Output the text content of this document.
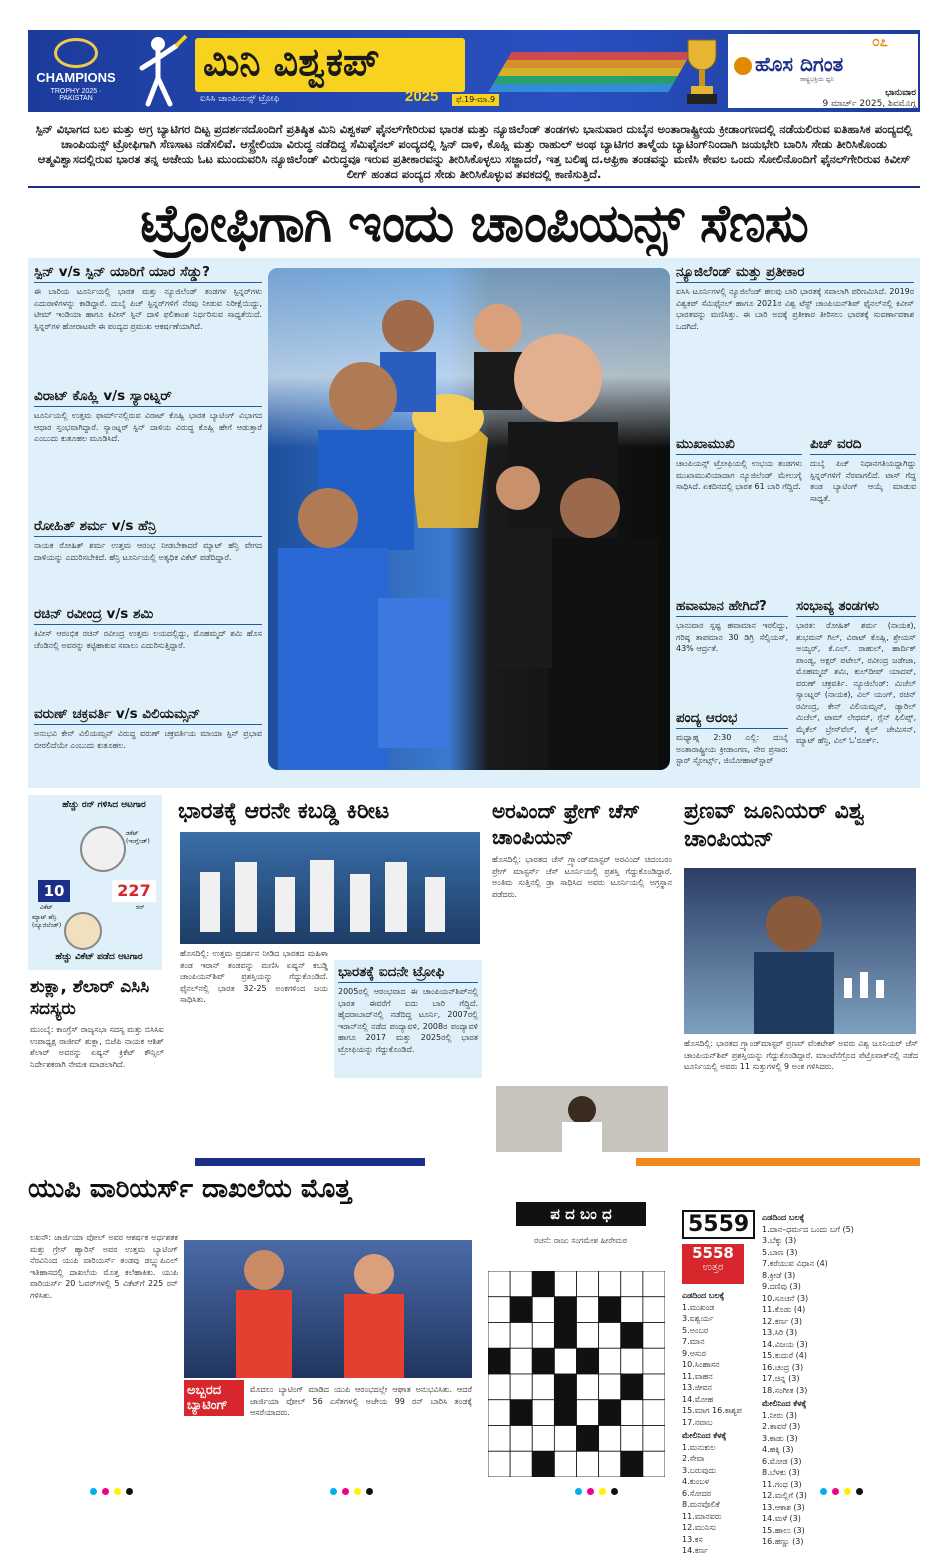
CHAMPIONS
TROPHY 2025 · PAKISTAN
ಮಿನಿ ವಿಶ್ವಕಪ್
ಐಸಿಸಿ ಚಾಂಪಿಯನ್ಸ್‌ ಟ್ರೋಫಿ	2025	ಫೆ.19-ಮಾ.9
೦೭
ಹೊಸ ದಿಗಂತ
ರಾಷ್ಟ್ರಭಕ್ತಿಯ ಧ್ವನಿ
ಭಾನುವಾರ
9 ಮಾರ್ಚ್‌ 2025, ಶಿವಮೊಗ್ಗ
ಸ್ಪಿನ್ ವಿಭಾಗದ ಬಲ ಮತ್ತು ಅಗ್ರ ಬ್ಯಾಟಿಗರ ದಿಟ್ಟ ಪ್ರದರ್ಶನದೊಂದಿಗೆ ಪ್ರತಿಷ್ಠಿತ ಮಿನಿ ವಿಶ್ವಕಪ್ ಫೈನಲ್‌ಗೇರಿರುವ ಭಾರತ ಮತ್ತು ನ್ಯೂಜಿಲೆಂಡ್ ತಂಡಗಳು ಭಾನುವಾರ ದುಬೈನ ಅಂತಾರಾಷ್ಟ್ರೀಯ ಕ್ರೀಡಾಂಗಣದಲ್ಲಿ ನಡೆಯಲಿರುವ ಐತಿಹಾಸಿಕ ಪಂದ್ಯದಲ್ಲಿ ಚಾಂಪಿಯನ್ಸ್ ಟ್ರೋಫಿಗಾಗಿ ಸೆಣಸಾಟ ನಡೆಸಲಿವೆ. ಆಸ್ಟ್ರೇಲಿಯಾ ವಿರುದ್ಧ ನಡೆದಿದ್ದ ಸೆಮಿಫೈನಲ್ ಪಂದ್ಯದಲ್ಲಿ ಸ್ಪಿನ್ ದಾಳಿ, ಕೊಹ್ಲಿ ಮತ್ತು ರಾಹುಲ್ ಅಂಥ ಬ್ಯಾಟಿಗರ ತಾಳ್ಮೆಯ ಬ್ಯಾಟಿಂಗ್‌ನಿಂದಾಗಿ ಜಯಭೇರಿ ಬಾರಿಸಿ ಸೇಡು ತೀರಿಸಿಕೊಂಡು ಆತ್ಮವಿಶ್ವಾಸದಲ್ಲಿರುವ ಭಾರತ ತನ್ನ ಅಜೇಯ ಓಟ ಮುಂದುವರಿಸಿ ನ್ಯೂಜಿಲೆಂಡ್ ವಿರುದ್ಧವೂ ಇರುವ ಪ್ರತೀಕಾರವನ್ನು ತೀರಿಸಿಕೊಳ್ಳಲು ಸಜ್ಜಾದರೆ, ಇತ್ತ ಬಲಿಷ್ಠ ದ.ಆಫ್ರಿಕಾ ತಂಡವನ್ನು ಮಣಿಸಿ ಕೇವಲ ಒಂದು ಸೋಲಿನೊಂದಿಗೆ ಫೈನಲ್‌ಗೇರಿರುವ ಕಿವೀಸ್ ಲೀಗ್ ಹಂತದ ಪಂದ್ಯದ ಸೇಡು ತೀರಿಸಿಕೊಳ್ಳುವ ತವಕದಲ್ಲಿ ಕಾಣಿಸುತ್ತಿದೆ.
ಟ್ರೋಫಿಗಾಗಿ ಇಂದು ಚಾಂಪಿಯನ್ಸ್ ಸೆಣಸು
ಸ್ಪಿನ್ v/s ಸ್ಪಿನ್ ಯಾರಿಗೆ ಯಾರ ಸೆಡ್ಡು?
ಈ ಬಾರಿಯ ಟೂರ್ನಿಯಲ್ಲಿ ಭಾರತ ಮತ್ತು ನ್ಯೂಜಿಲೆಂಡ್ ತಂಡಗಳ ಸ್ಪಿನ್ನರ್‌ಗಳು ಎದುರಾಳಿಗಳನ್ನು ಕಾಡಿದ್ದಾರೆ. ದುಬೈ ಪಿಚ್ ಸ್ಪಿನ್ನರ್‌ಗಳಿಗೆ ನೆರವು ನೀಡುವ ನಿರೀಕ್ಷೆಯಿದ್ದು, ಟೀಮ್ ಇಂಡಿಯಾ ಹಾಗೂ ಕಿವೀಸ್ ಸ್ಪಿನ್ ದಾಳಿ ಫಲಿತಾಂಶ ನಿರ್ಧರಿಸುವ ಸಾಧ್ಯತೆಯಿದೆ. ಸ್ಪಿನ್ನರ್‌ಗಳ ಹೋರಾಟವೇ ಈ ಪಂದ್ಯದ ಪ್ರಮುಖ ಆಕರ್ಷಣೆಯಾಗಿದೆ.
ವಿರಾಟ್ ಕೊಹ್ಲಿ v/s ಸ್ಯಾಂಟ್ನರ್
ಟೂರ್ನಿಯಲ್ಲಿ ಉತ್ತಮ ಫಾರ್ಮ್‌ನಲ್ಲಿರುವ ವಿರಾಟ್ ಕೊಹ್ಲಿ ಭಾರತ ಬ್ಯಾಟಿಂಗ್ ವಿಭಾಗದ ಆಧಾರ ಸ್ತಂಭವಾಗಿದ್ದಾರೆ. ಸ್ಯಾಂಟ್ನರ್ ಸ್ಪಿನ್ ದಾಳಿಯ ವಿರುದ್ಧ ಕೊಹ್ಲಿ ಹೇಗೆ ಆಡುತ್ತಾರೆ ಎಂಬುದು ಕುತೂಹಲ ಮೂಡಿಸಿದೆ.
ರೋಹಿತ್ ಶರ್ಮ v/s ಹೆನ್ರಿ
ನಾಯಕ ರೋಹಿತ್ ಶರ್ಮ ಉತ್ತಮ ಆರಂಭ ನೀಡಬೇಕಾದರೆ ಮ್ಯಾಟ್ ಹೆನ್ರಿ ವೇಗದ ದಾಳಿಯನ್ನು ಎದುರಿಸಬೇಕಿದೆ. ಹೆನ್ರಿ ಟೂರ್ನಿಯಲ್ಲಿ ಅತ್ಯಧಿಕ ವಿಕೆಟ್ ಪಡೆದಿದ್ದಾರೆ.
ರಚಿನ್ ರವೀಂದ್ರ v/s ಶಮಿ
ಕಿವೀಸ್ ಆರಂಭಿಕ ರಚಿನ್ ರವೀಂದ್ರ ಉತ್ತಮ ಲಯದಲ್ಲಿದ್ದು, ಮೊಹಮ್ಮದ್ ಶಮಿ ಹೊಸ ಚೆಂಡಿನಲ್ಲಿ ಅವರನ್ನು ಕಟ್ಟಿಹಾಕುವ ಸವಾಲು ಎದುರಿಸುತ್ತಿದ್ದಾರೆ.
ವರುಣ್ ಚಕ್ರವರ್ತಿ v/s ವಿಲಿಯಮ್ಸನ್
ಅನುಭವಿ ಕೇನ್ ವಿಲಿಯಮ್ಸನ್ ವಿರುದ್ಧ ವರುಣ್ ಚಕ್ರವರ್ತಿಯ ಮಾಯಾ ಸ್ಪಿನ್ ಪ್ರಭಾವ ಬೀರಲಿದೆಯೇ ಎಂಬುದು ಕುತೂಹಲ.
ನ್ಯೂಜಿಲೆಂಡ್ ಮತ್ತು ಪ್ರತೀಕಾರ
ಐಸಿಸಿ ಟೂರ್ನಿಗಳಲ್ಲಿ ನ್ಯೂಜಿಲೆಂಡ್ ಹಲವು ಬಾರಿ ಭಾರತಕ್ಕೆ ಸವಾಲಾಗಿ ಪರಿಣಮಿಸಿದೆ. 2019ರ ವಿಶ್ವಕಪ್ ಸೆಮಿಫೈನಲ್ ಹಾಗೂ 2021ರ ವಿಶ್ವ ಟೆಸ್ಟ್ ಚಾಂಪಿಯನ್‌ಶಿಪ್ ಫೈನಲ್‌ನಲ್ಲಿ ಕಿವೀಸ್ ಭಾರತವನ್ನು ಮಣಿಸಿತ್ತು. ಈ ಬಾರಿ ಅದಕ್ಕೆ ಪ್ರತೀಕಾರ ತೀರಿಸಲು ಭಾರತಕ್ಕೆ ಸುವರ್ಣಾವಕಾಶ ಒದಗಿದೆ.
ಮುಖಾಮುಖಿ
ಚಾಂಪಿಯನ್ಸ್ ಟ್ರೋಫಿಯಲ್ಲಿ ಉಭಯ ತಂಡಗಳು ಮುಖಾಮುಖಿಯಾದಾಗ ನ್ಯೂಜಿಲೆಂಡ್ ಮೇಲುಗೈ ಸಾಧಿಸಿದೆ. ಏಕದಿನದಲ್ಲಿ ಭಾರತ 61 ಬಾರಿ ಗೆದ್ದಿದೆ.
ಪಿಚ್ ವರದಿ
ದುಬೈ ಪಿಚ್ ನಿಧಾನಗತಿಯದ್ದಾಗಿದ್ದು ಸ್ಪಿನ್ನರ್‌ಗಳಿಗೆ ನೆರವಾಗಲಿದೆ. ಟಾಸ್ ಗೆದ್ದ ತಂಡ ಬ್ಯಾಟಿಂಗ್ ಆಯ್ಕೆ ಮಾಡುವ ಸಾಧ್ಯತೆ.
ಹವಾಮಾನ ಹೇಗಿದೆ?
ಭಾನುವಾರ ಸ್ಪಷ್ಟ ಹವಾಮಾನ ಇರಲಿದ್ದು, ಗರಿಷ್ಠ ತಾಪಮಾನ 30 ಡಿಗ್ರಿ ಸೆಲ್ಸಿಯಸ್, 43% ಆರ್ದ್ರತೆ.
ಪಂದ್ಯ ಆರಂಭ
ಮಧ್ಯಾಹ್ನ 2:30 ಎಲ್ಲಿ: ದುಬೈ ಅಂತಾರಾಷ್ಟ್ರೀಯ ಕ್ರೀಡಾಂಗಣ, ನೇರ ಪ್ರಸಾರ: ಸ್ಟಾರ್ ಸ್ಪೋರ್ಟ್ಸ್, ಜಿಯೋಹಾಟ್‌ಸ್ಟಾರ್
ಸಂಭಾವ್ಯ ತಂಡಗಳು
ಭಾರತ: ರೋಹಿತ್ ಶರ್ಮ (ನಾಯಕ), ಶುಭಮನ್ ಗಿಲ್, ವಿರಾಟ್ ಕೊಹ್ಲಿ, ಶ್ರೇಯಸ್ ಅಯ್ಯರ್, ಕೆ.ಎಲ್. ರಾಹುಲ್, ಹಾರ್ದಿಕ್ ಪಾಂಡ್ಯ, ಅಕ್ಷರ್ ಪಟೇಲ್, ರವೀಂದ್ರ ಜಡೇಜಾ, ಮೊಹಮ್ಮದ್ ಶಮಿ, ಕುಲ್‌ದೀಪ್ ಯಾದವ್, ವರುಣ್ ಚಕ್ರವರ್ತಿ. ನ್ಯೂಜಿಲೆಂಡ್: ಮಿಚೆಲ್ ಸ್ಯಾಂಟ್ನರ್ (ನಾಯಕ), ವಿಲ್ ಯಂಗ್, ರಚಿನ್ ರವೀಂದ್ರ, ಕೇನ್ ವಿಲಿಯಮ್ಸನ್, ಡ್ಯಾರಿಲ್ ಮಿಚೆಲ್, ಟಾಮ್ ಲೇಥಮ್, ಗ್ಲೆನ್ ಫಿಲಿಪ್ಸ್, ಮೈಕೆಲ್ ಬ್ರೇಸ್‌ವೆಲ್, ಕೈಲ್ ಜೇಮಿಸನ್, ಮ್ಯಾಟ್ ಹೆನ್ರಿ, ವಿಲ್ ಓ'ರೂರ್ಕ್.
ಹೆಚ್ಚು ರನ್ ಗಳಿಸಿದ ಆಟಗಾರ
ಡಕೆಟ್ (ಇಂಗ್ಲೆಂಡ್)
10	227
ವಿಕೆಟ್	ರನ್
ಮ್ಯಾಟ್ ಹೆನ್ರಿ (ನ್ಯೂಜಿಲೆಂಡ್)
ಹೆಚ್ಚು ವಿಕೆಟ್ ಪಡೆದ ಆಟಗಾರ
ಶುಕ್ಲಾ, ಶೆಲಾರ್ ಎಸಿಸಿ ಸದಸ್ಯರು
ಮುಂಬೈ: ಕಾಂಗ್ರೆಸ್ ರಾಜ್ಯಸಭಾ ಸದಸ್ಯ ಮತ್ತು ಬಿಸಿಸಿಐ ಉಪಾಧ್ಯಕ್ಷ ರಾಜೀವ್ ಶುಕ್ಲಾ, ಬಿಜೆಪಿ ನಾಯಕ ಆಶಿಶ್ ಶೆಲಾರ್ ಅವರನ್ನು ಏಷ್ಯನ್ ಕ್ರಿಕೆಟ್ ಕೌನ್ಸಿಲ್ ನಿರ್ದೇಶಕರಾಗಿ ನೇಮಕ ಮಾಡಲಾಗಿದೆ.
ಭಾರತಕ್ಕೆ ಆರನೇ ಕಬಡ್ಡಿ ಕಿರೀಟ
ಹೊಸದಿಲ್ಲಿ: ಉತ್ತಮ ಪ್ರದರ್ಶನ ನೀಡಿದ ಭಾರತದ ಮಹಿಳಾ ತಂಡ ಇರಾನ್ ತಂಡವನ್ನು ಮಣಿಸಿ ಏಷ್ಯನ್ ಕಬಡ್ಡಿ ಚಾಂಪಿಯನ್‌ಶಿಪ್ ಪ್ರಶಸ್ತಿಯನ್ನು ಗೆದ್ದುಕೊಂಡಿದೆ. ಫೈನಲ್‌ನಲ್ಲಿ ಭಾರತ 32-25 ಅಂಕಗಳಿಂದ ಜಯ ಸಾಧಿಸಿತು.
ಭಾರತಕ್ಕೆ ಐದನೇ ಟ್ರೋಫಿ
2005ರಲ್ಲಿ ಆರಂಭವಾದ ಈ ಚಾಂಪಿಯನ್‌ಶಿಪ್‌ನಲ್ಲಿ ಭಾರತ ಈವರೆಗೆ ಐದು ಬಾರಿ ಗೆದ್ದಿದೆ. ಹೈದರಾಬಾದ್‌ನಲ್ಲಿ ನಡೆದಿದ್ದ ಟೂರ್ನಿ, 2007ರಲ್ಲಿ ಇರಾನ್‌ನಲ್ಲಿ ನಡೆದ ಪಂದ್ಯಾವಳಿ, 2008ರ ಪಂದ್ಯಾವಳಿ ಹಾಗೂ 2017 ಮತ್ತು 2025ರಲ್ಲಿ ಭಾರತ ಟ್ರೋಫಿಯನ್ನು ಗೆದ್ದುಕೊಂಡಿದೆ.
ಅರವಿಂದ್ ಫ್ರೇಗ್ ಚೆಸ್ ಚಾಂಪಿಯನ್
ಹೊಸದಿಲ್ಲಿ: ಭಾರತದ ಚೆಸ್ ಗ್ರ್ಯಾಂಡ್‌ಮಾಸ್ಟರ್ ಅರವಿಂದ್ ಚಿದಂಬರಂ ಪ್ರೇಗ್ ಮಾಸ್ಟರ್ಸ್ ಚೆಸ್ ಟೂರ್ನಿಯಲ್ಲಿ ಪ್ರಶಸ್ತಿ ಗೆದ್ದುಕೊಂಡಿದ್ದಾರೆ. ಅಂತಿಮ ಸುತ್ತಿನಲ್ಲಿ ಡ್ರಾ ಸಾಧಿಸಿದ ಅವರು ಟೂರ್ನಿಯಲ್ಲಿ ಅಗ್ರಸ್ಥಾನ ಪಡೆದರು.
ಪ್ರಣವ್ ಜೂನಿಯರ್ ವಿಶ್ವ ಚಾಂಪಿಯನ್
ಹೊಸದಿಲ್ಲಿ: ಭಾರತದ ಗ್ರ್ಯಾಂಡ್‌ಮಾಸ್ಟರ್ ಪ್ರಣವ್ ವೆಂಕಟೇಶ್ ಅವರು ವಿಶ್ವ ಜೂನಿಯರ್ ಚೆಸ್ ಚಾಂಪಿಯನ್‌ಶಿಪ್ ಪ್ರಶಸ್ತಿಯನ್ನು ಗೆದ್ದುಕೊಂಡಿದ್ದಾರೆ. ಮಾಂಟೆನೆಗ್ರೊದ ಪೆಟ್ರೊವಾಕ್‌ನಲ್ಲಿ ನಡೆದ ಟೂರ್ನಿಯಲ್ಲಿ ಅವರು 11 ಸುತ್ತುಗಳಲ್ಲಿ 9 ಅಂಕ ಗಳಿಸಿದರು.
ಯುಪಿ ವಾರಿಯರ್ಸ್ ದಾಖಲೆಯ ಮೊತ್ತ
ಲಖನೌ: ಜಾರ್ಜಿಯಾ ವೋಲ್ ಅವರ ಆಕರ್ಷಕ ಅರ್ಧಶತಕ ಮತ್ತು ಗ್ರೇಸ್ ಹ್ಯಾರಿಸ್ ಅವರ ಉತ್ತಮ ಬ್ಯಾಟಿಂಗ್ ನೆರವಿನಿಂದ ಯುಪಿ ವಾರಿಯರ್ಸ್ ತಂಡವು ಡಬ್ಲ್ಯುಪಿಎಲ್ ಇತಿಹಾಸದಲ್ಲಿ ದಾಖಲೆಯ ಮೊತ್ತ ಕಲೆಹಾಕಿತು. ಯುಪಿ ವಾರಿಯರ್ಸ್ 20 ಓವರ್‌ಗಳಲ್ಲಿ 5 ವಿಕೆಟ್‌ಗೆ 225 ರನ್ ಗಳಿಸಿತು.
ಅಬ್ಬರದ ಬ್ಯಾಟಿಂಗ್
ಮೊದಲು ಬ್ಯಾಟಿಂಗ್ ಮಾಡಿದ ಯುಪಿ ಆರಂಭದಲ್ಲೇ ಆಘಾತ ಅನುಭವಿಸಿತು. ಆದರೆ ಜಾರ್ಜಿಯಾ ವೋಲ್ 56 ಎಸೆತಗಳಲ್ಲಿ ಅಜೇಯ 99 ರನ್ ಬಾರಿಸಿ ತಂಡಕ್ಕೆ ಆಸರೆಯಾದರು.
ಪ ದ ಬಂ ಧ
ರಚನೆ: ರಾಜು ಸಂಗಮೇಶ ಹೀರೇಮಠ
5559
5558
ಉತ್ತರ
ಎಡದಿಂದ ಬಲಕ್ಕೆ
1.ಮುಖಂಡ
3.ಐಶ್ವರ್ಯ
5.ಅಂಬರ
7.ಮಾನ
9.ಅಸುರ
10.ಸಿಂಹಾಸನ
11.ವಾಹನ
13.ಜೀವನ
14.ಮೋಹ
15.ಮಾಗ 16.ಕಾಶ್ಯಪ
17.ನವಾಬ
ಮೇಲಿನಿಂದ ಕೆಳಕ್ಕೆ
1.ಮನುಕುಲ
2.ಸೇವಾ
3.ಬರುವುದು
4.ಕುಂಬಳ
6.ಸೋದರ
8.ಮನವೊಲಿಕೆ
11.ಮಾನವರು
12.ಮುನಿಸು
13.ಕಸ
14.ಕರ್ಣ
ಎಡದಿಂದ ಬಲಕ್ಕೆ
1.ದಾನ–ಧರ್ಮದ ಒಂದು ಬಗೆ (5)
3.ಬೆಕ್ಕು (3)
5.ಬಾಣ (3)
7.ಕರೆಯುವ ವಿಧಾನ (4)
8.ಕ್ರೀಡೆ (3)
9.ದಣಿವು (3)
10.ಸೂಚನೆ (3)
11.ಕೊಡು (4)
12.ಕರ್ಣ (3)
13.ಸಿರಿ (3)
14.ವಿಜಯ (3)
15.ಕುದುರೆ (4)
16.ಚಂದ್ರ (3)
17.ಚಿನ್ನ (3)
18.ಸಂಗೀತ (3)
ಮೇಲಿನಿಂದ ಕೆಳಕ್ಕೆ
1.ನೀರು (3)
2.ತಾವರೆ (3)
3.ಕಾಡು (3)
4.ಹಕ್ಕಿ (3)
6.ಮೋಡ (3)
8.ಬೆಳಕು (3)
11.ಗಂಧ (3)
12.ಮಲ್ಲಿಗೆ (3)
13.ಆಕಾಶ (3)
14.ಮಳೆ (3)
15.ಹಾಲು (3)
16.ಹಣ್ಣು (3)
